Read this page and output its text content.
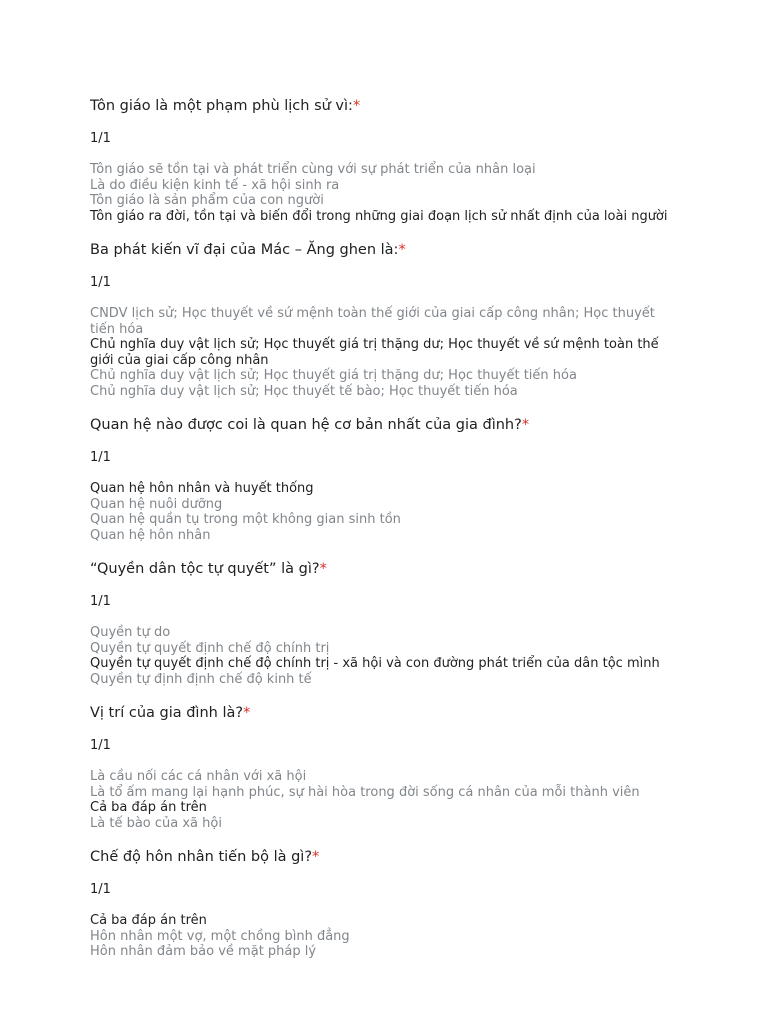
Tôn giáo là một phạm phù lịch sử vì:*
1/1
Tôn giáo sẽ tồn tại và phát triển cùng với sự phát triển của nhân loại
Là do điều kiện kinh tế - xã hội sinh ra
Tôn giáo là sản phẩm của con người
Tôn giáo ra đời, tồn tại và biến đổi trong những giai đoạn lịch sử nhất định của loài người
Ba phát kiến vĩ đại của Mác – Ăng ghen là:*
1/1
CNDV lịch sử; Học thuyết về sứ mệnh toàn thế giới của giai cấp công nhân; Học thuyết tiến hóa
Chủ nghĩa duy vật lịch sử; Học thuyết giá trị thặng dư; Học thuyết về sứ mệnh toàn thế giới của giai cấp công nhân
Chủ nghĩa duy vật lịch sử; Học thuyết giá trị thặng dư; Học thuyết tiến hóa
Chủ nghĩa duy vật lịch sử; Học thuyết tế bào; Học thuyết tiến hóa
Quan hệ nào được coi là quan hệ cơ bản nhất của gia đình?*
1/1
Quan hệ hôn nhân và huyết thống
Quan hệ nuôi dưỡng
Quan hệ quần tụ trong một không gian sinh tồn
Quan hệ hôn nhân
“Quyền dân tộc tự quyết” là gì?*
1/1
Quyền tự do
Quyền tự quyết định chế độ chính trị
Quyền tự quyết định chế độ chính trị - xã hội và con đường phát triển của dân tộc mình
Quyền tự định định chế độ kinh tế
Vị trí của gia đình là?*
1/1
Là cầu nối các cá nhân với xã hội
Là tổ ấm mang lại hạnh phúc, sự hài hòa trong đời sống cá nhân của mỗi thành viên
Cả ba đáp án trên
Là tế bào của xã hội
Chế độ hôn nhân tiến bộ là gì?*
1/1
Cả ba đáp án trên
Hôn nhân một vợ, một chồng bình đẳng
Hôn nhân đảm bảo về mặt pháp lý
